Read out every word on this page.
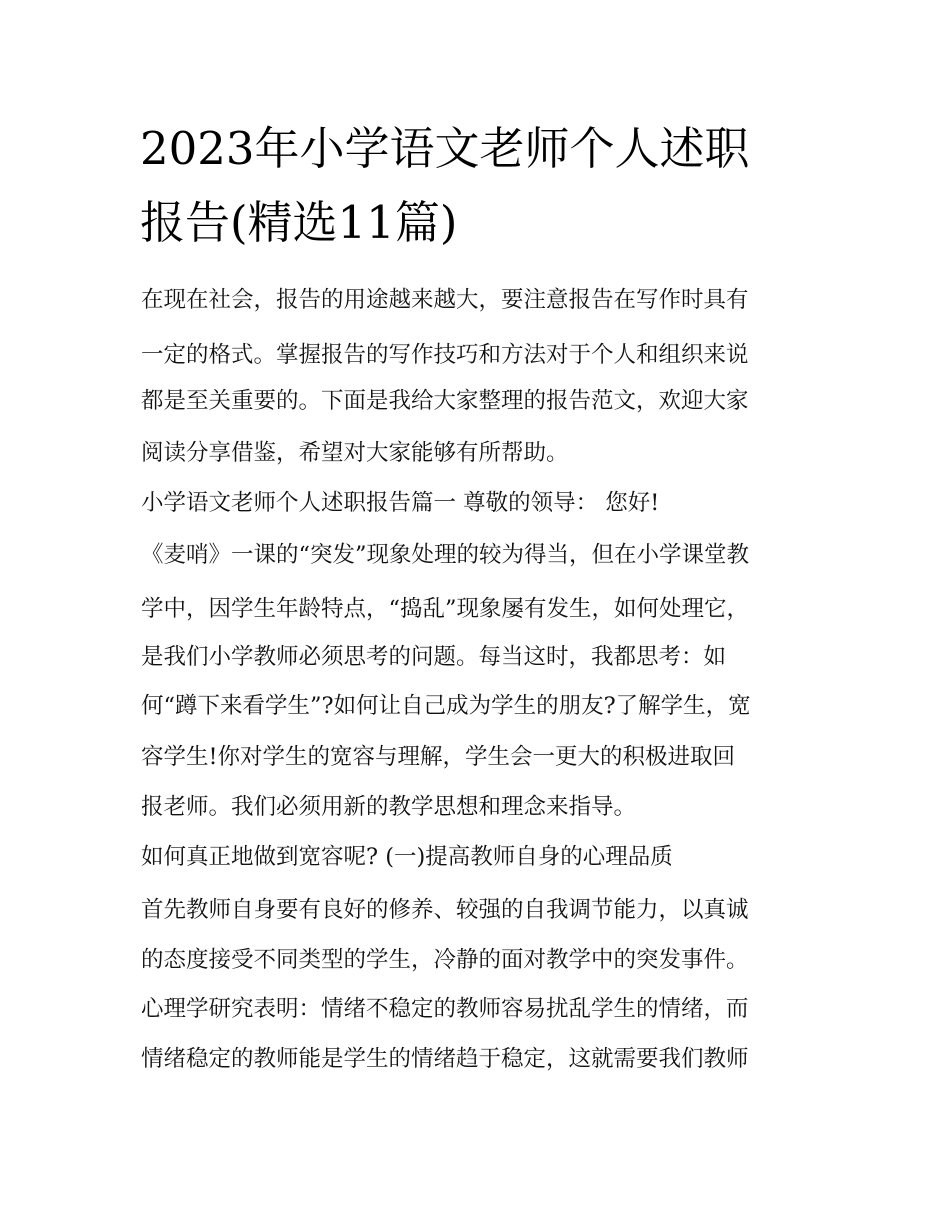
2023年小学语文老师个人述职
报告(精选11篇)

在现在社会，报告的用途越来越大，要注意报告在写作时具有

一定的格式。掌握报告的写作技巧和方法对于个人和组织来说

都是至关重要的。下面是我给大家整理的报告范文，欢迎大家

阅读分享借鉴，希望对大家能够有所帮助。

小学语文老师个人述职报告篇一 尊敬的领导： 您好!

《麦哨》一课的“突发”现象处理的较为得当，但在小学课堂教

学中，因学生年龄特点，“捣乱”现象屡有发生，如何处理它，

是我们小学教师必须思考的问题。每当这时，我都思考：如

何“蹲下来看学生”?如何让自己成为学生的朋友?了解学生，宽

容学生!你对学生的宽容与理解，学生会一更大的积极进取回

报老师。我们必须用新的教学思想和理念来指导。

如何真正地做到宽容呢? (一)提高教师自身的心理品质

首先教师自身要有良好的修养、较强的自我调节能力，以真诚

的态度接受不同类型的学生，冷静的面对教学中的突发事件。

心理学研究表明：情绪不稳定的教师容易扰乱学生的情绪，而

情绪稳定的教师能是学生的情绪趋于稳定，这就需要我们教师
